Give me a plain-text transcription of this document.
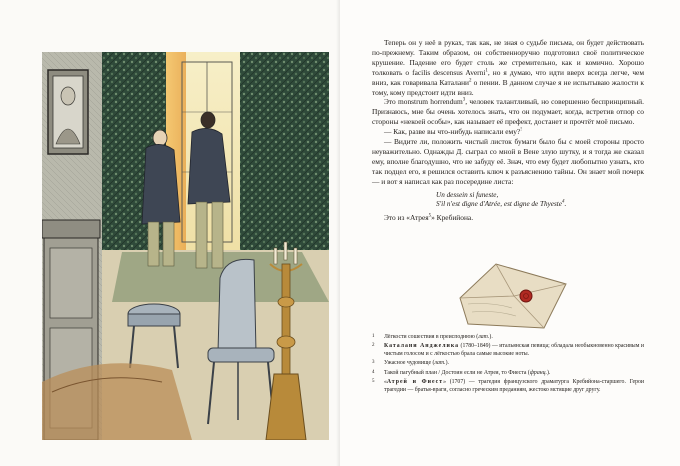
Теперь он у неё в руках, так как, не зная о судьбе письма, он будет действовать по-прежнему. Таким образом, он собственноручно подготовил своё политическое крушение. Падение его будет столь же стремительно, как и комично. Хорошо толковать о facilis descensus Averni$^1$, но я думаю, что идти вверх всегда легче, чем вниз, как говаривала Каталани$^2$ о пении. В данном случае я не испытываю жалости к тому, кому предстоит идти вниз.

Это monstrum horrendum$^3$, человек талантливый, но совершенно беспринципный. Признаюсь, мне бы очень хотелось знать, что он подумает, когда, встретив отпор со стороны «некоей особы», как называет её префект, достанет и прочтёт моё письмо.

— Как, разве вы что-нибудь написали ему?!

— Видите ли, положить чистый листок бумаги было бы с моей стороны просто неуважительно. Однажды Д. сыграл со мной в Вене злую шутку, и я тогда же сказал ему, вполне благодушно, что не забуду её. Знач, что ему будет любопытно узнать, кто так подцел его, я решился оставить ключ к разъяснению тайны. Он знает мой почерк — и вот я написал как раз посередине листа:

Un dessein si funeste,
S'il n'est digne d'Atrée, est digne de Thyeste$^4$.

Это из «Атрея$^5$» Кребийона.

1 Лёгкости сошествия в преисподнюю (лат.).
2 Каталани Анджелика (1780–1849) — итальянская певица; обладала необыкновенно красивым и чистым голосом и с лёгкостью брала самые высокие ноты.
3 Ужасное чудовище (лат.).
4 Такой пагубный план / Достоин если не Атрея, то Фиеста (франц.).
5 «Атрей и Фиест» (1707) — трагедия французского драматурга Кребийона-старшего. Герои трагедии — братья-враги, согласно греческим преданиям, жестоко мстящие друг другу.
